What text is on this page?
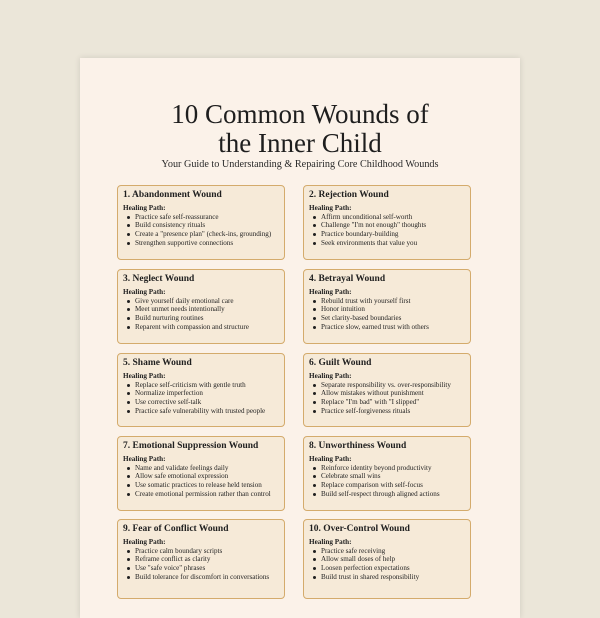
10 Common Wounds of
the Inner Child
Your Guide to Understanding & Repairing Core Childhood Wounds
1. Abandonment Wound
Healing Path:
Practice safe self-reassurance
Build consistency rituals
Create a "presence plan" (check-ins, grounding)
Strengthen supportive connections
2. Rejection Wound
Healing Path:
Affirm unconditional self-worth
Challenge "I'm not enough" thoughts
Practice boundary-building
Seek environments that value you
3. Neglect Wound
Healing Path:
Give yourself daily emotional care
Meet unmet needs intentionally
Build nurturing routines
Reparent with compassion and structure
4. Betrayal Wound
Healing Path:
Rebuild trust with yourself first
Honor intuition
Set clarity-based boundaries
Practice slow, earned trust with others
5. Shame Wound
Healing Path:
Replace self-criticism with gentle truth
Normalize imperfection
Use corrective self-talk
Practice safe vulnerability with trusted people
6. Guilt Wound
Healing Path:
Separate responsibility vs. over-responsibility
Allow mistakes without punishment
Replace "I'm bad" with "I slipped"
Practice self-forgiveness rituals
7. Emotional Suppression Wound
Healing Path:
Name and validate feelings daily
Allow safe emotional expression
Use somatic practices to release held tension
Create emotional permission rather than control
8. Unworthiness Wound
Healing Path:
Reinforce identity beyond productivity
Celebrate small wins
Replace comparison with self-focus
Build self-respect through aligned actions
9. Fear of Conflict Wound
Healing Path:
Practice calm boundary scripts
Reframe conflict as clarity
Use "safe voice" phrases
Build tolerance for discomfort in conversations
10. Over-Control Wound
Healing Path:
Practice safe receiving
Allow small doses of help
Loosen perfection expectations
Build trust in shared responsibility
